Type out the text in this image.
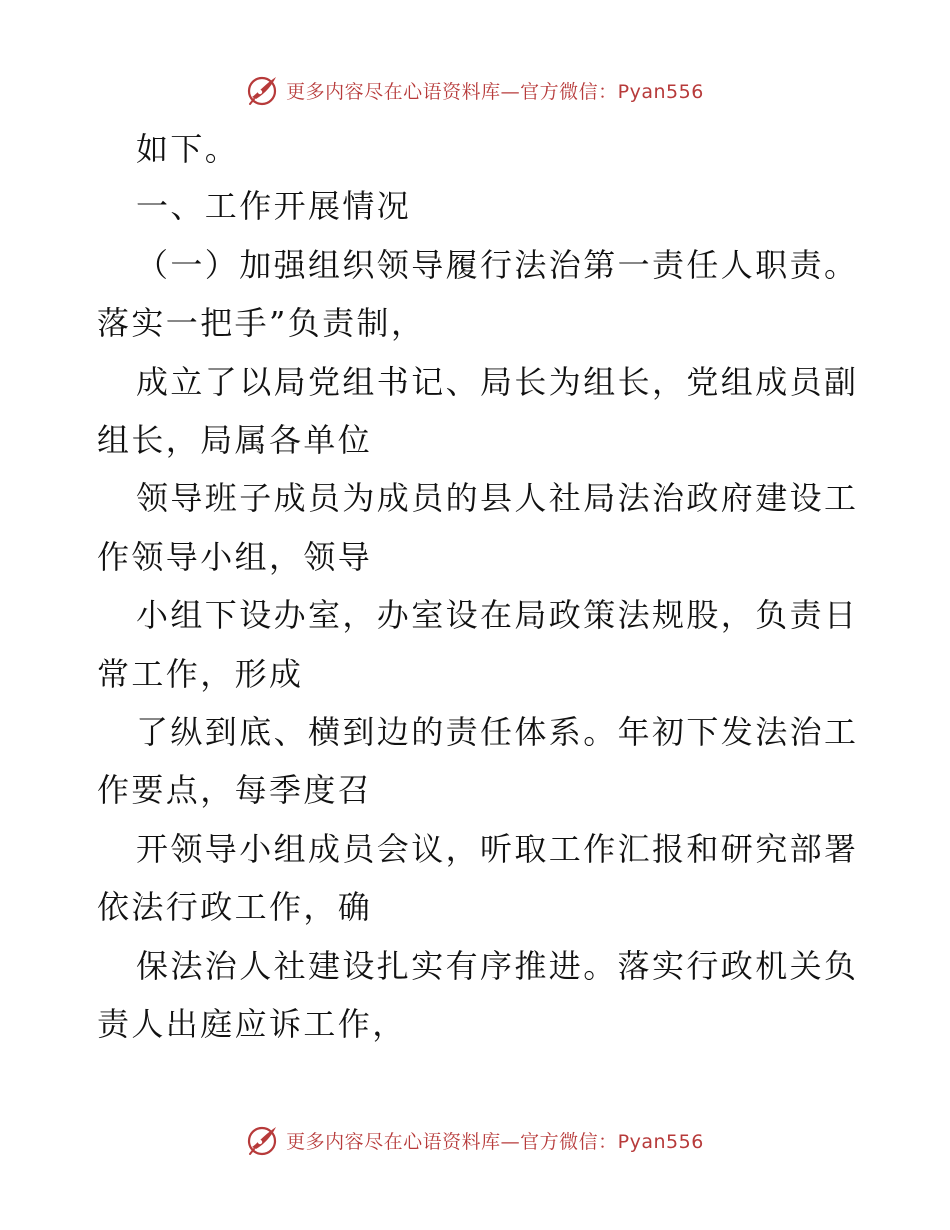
更多内容尽在心语资料库—官方微信：Pyan556
如下。
一、工作开展情况
（一）加强组织领导履行法治第一责任人职责。
落实一把手”负责制，
成立了以局党组书记、局长为组长，党组成员副
组长，局属各单位
领导班子成员为成员的县人社局法治政府建设工
作领导小组，领导
小组下设办室，办室设在局政策法规股，负责日
常工作，形成
了纵到底、横到边的责任体系。年初下发法治工
作要点，每季度召
开领导小组成员会议，听取工作汇报和研究部署
依法行政工作，确
保法治人社建设扎实有序推进。落实行政机关负
责人出庭应诉工作，
更多内容尽在心语资料库—官方微信：Pyan556
